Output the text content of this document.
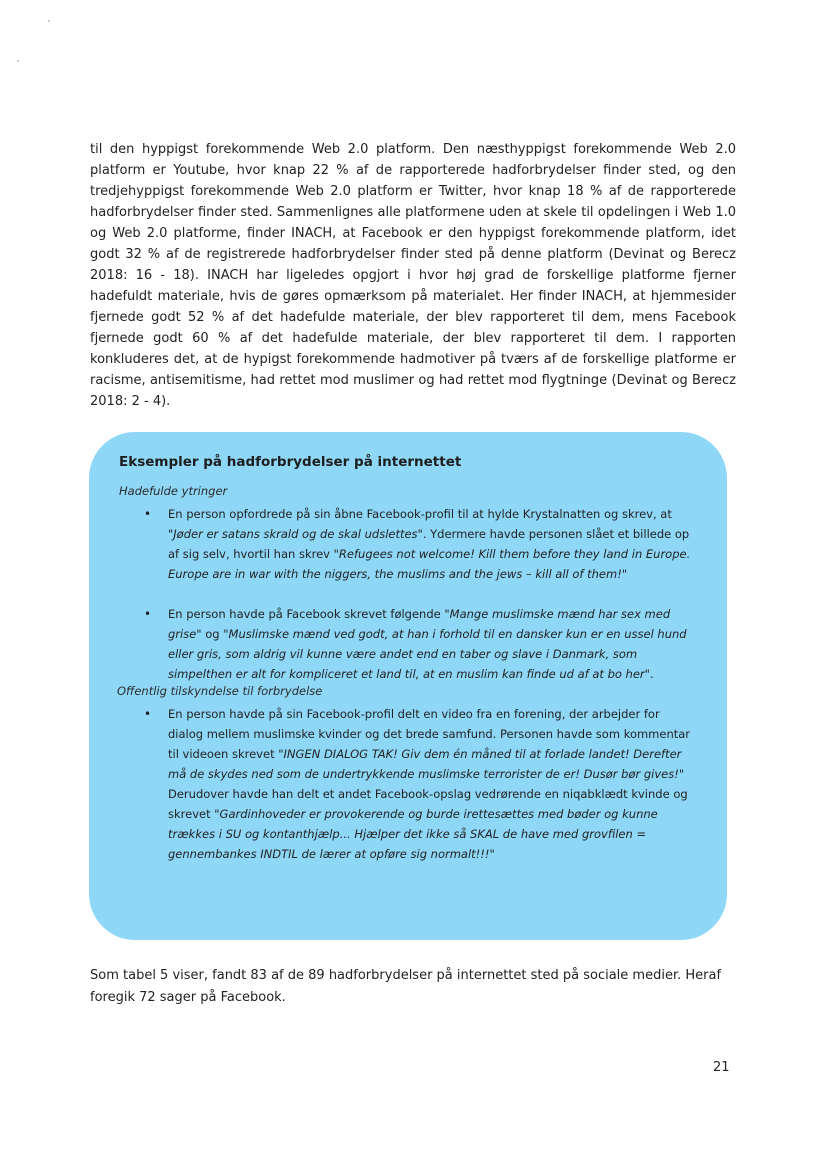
til den hyppigst forekommende Web 2.0 platform. Den næsthyppigst forekommende Web 2.0 platform er Youtube, hvor knap 22 % af de rapporterede hadforbrydelser finder sted, og den tredjehyppigst forekommende Web 2.0 platform er Twitter, hvor knap 18 % af de rapporterede hadforbrydelser finder sted. Sammenlignes alle platformene uden at skele til opdelingen i Web 1.0 og Web 2.0 platforme, finder INACH, at Facebook er den hyppigst forekommende platform, idet godt 32 % af de registrerede hadforbrydelser finder sted på denne platform (Devinat og Berecz 2018: 16 - 18). INACH har ligeledes opgjort i hvor høj grad de forskellige platforme fjerner hadefuldt materiale, hvis de gøres opmærksom på materialet. Her finder INACH, at hjemmesider fjernede godt 52 % af det hadefulde materiale, der blev rapporteret til dem, mens Facebook fjernede godt 60 % af det hadefulde materiale, der blev rapporteret til dem. I rapporten konkluderes det, at de hypigst forekommende hadmotiver på tværs af de forskellige platforme er racisme, antisemitisme, had rettet mod muslimer og had rettet mod flygtninge (Devinat og Berecz 2018: 2 - 4).

Eksempler på hadforbrydelser på internettet

Hadefulde ytringer

• En person opfordrede på sin åbne Facebook-profil til at hylde Krystalnatten og skrev, at "Jøder er satans skrald og de skal udslettes". Ydermere havde personen slået et billede op af sig selv, hvortil han skrev "Refugees not welcome! Kill them before they land in Europe. Europe are in war with the niggers, the muslims and the jews – kill all of them!"
• En person havde på Facebook skrevet følgende "Mange muslimske mænd har sex med grise" og "Muslimske mænd ved godt, at han i forhold til en dansker kun er en ussel hund eller gris, som aldrig vil kunne være andet end en taber og slave i Danmark, som simpelthen er alt for kompliceret et land til, at en muslim kan finde ud af at bo her".

Offentlig tilskyndelse til forbrydelse

• En person havde på sin Facebook-profil delt en video fra en forening, der arbejder for dialog mellem muslimske kvinder og det brede samfund. Personen havde som kommentar til videoen skrevet "INGEN DIALOG TAK! Giv dem én måned til at forlade landet! Derefter må de skydes ned som de undertrykkende muslimske terrorister de er! Dusør bør gives!"
Derudover havde han delt et andet Facebook-opslag vedrørende en niqabklædt kvinde og skrevet "Gardinhoveder er provokerende og burde irettesættes med bøder og kunne trækkes i SU og kontanthjælp... Hjælper det ikke så SKAL de have med grovfilen = gennembankes INDTIL de lærer at opføre sig normalt!!!"

Som tabel 5 viser, fandt 83 af de 89 hadforbrydelser på internettet sted på sociale medier. Heraf foregik 72 sager på Facebook.

21
